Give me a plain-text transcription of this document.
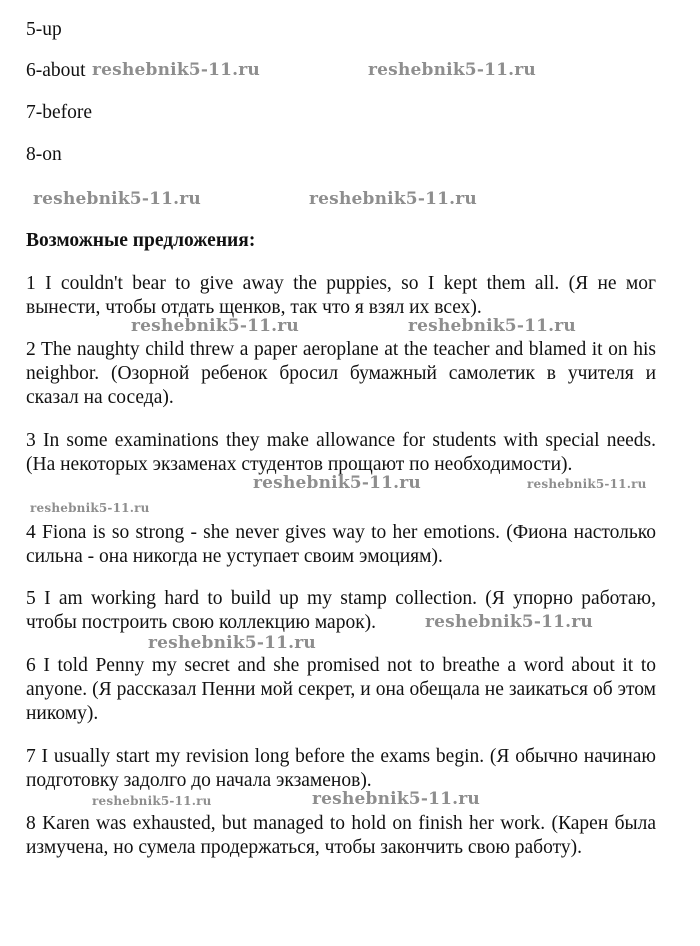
5-up
6-about
7-before
8-on
Возможные предложения:
1 I couldn't bear to give away the puppies, so I kept them all. (Я не мог вынести, чтобы отдать щенков, так что я взял их всех).
2 The naughty child threw a paper aeroplane at the teacher and blamed it on his neighbor. (Озорной ребенок бросил бумажный самолетик в учителя и сказал на соседа).
3 In some examinations they make allowance for students with special needs. (На некоторых экзаменах студентов прощают по необходимости).
4 Fiona is so strong - she never gives way to her emotions. (Фиона настолько сильна - она никогда не уступает своим эмоциям).
5 I am working hard to build up my stamp collection. (Я упорно работаю, чтобы построить свою коллекцию марок).
6 I told Penny my secret and she promised not to breathe a word about it to anyone. (Я рассказал Пенни мой секрет, и она обещала не заикаться об этом никому).
7 I usually start my revision long before the exams begin. (Я обычно начинаю подготовку задолго до начала экзаменов).
8 Karen was exhausted, but managed to hold on finish her work. (Карен была измучена, но сумела продержаться, чтобы закончить свою работу).
reshebnik5-11.ru	reshebnik5-11.ru
reshebnik5-11.ru	reshebnik5-11.ru
reshebnik5-11.ru	reshebnik5-11.ru
reshebnik5-11.ru	reshebnik5-11.ru
reshebnik5-11.ru
reshebnik5-11.ru
reshebnik5-11.ru
reshebnik5-11.ru	reshebnik5-11.ru
